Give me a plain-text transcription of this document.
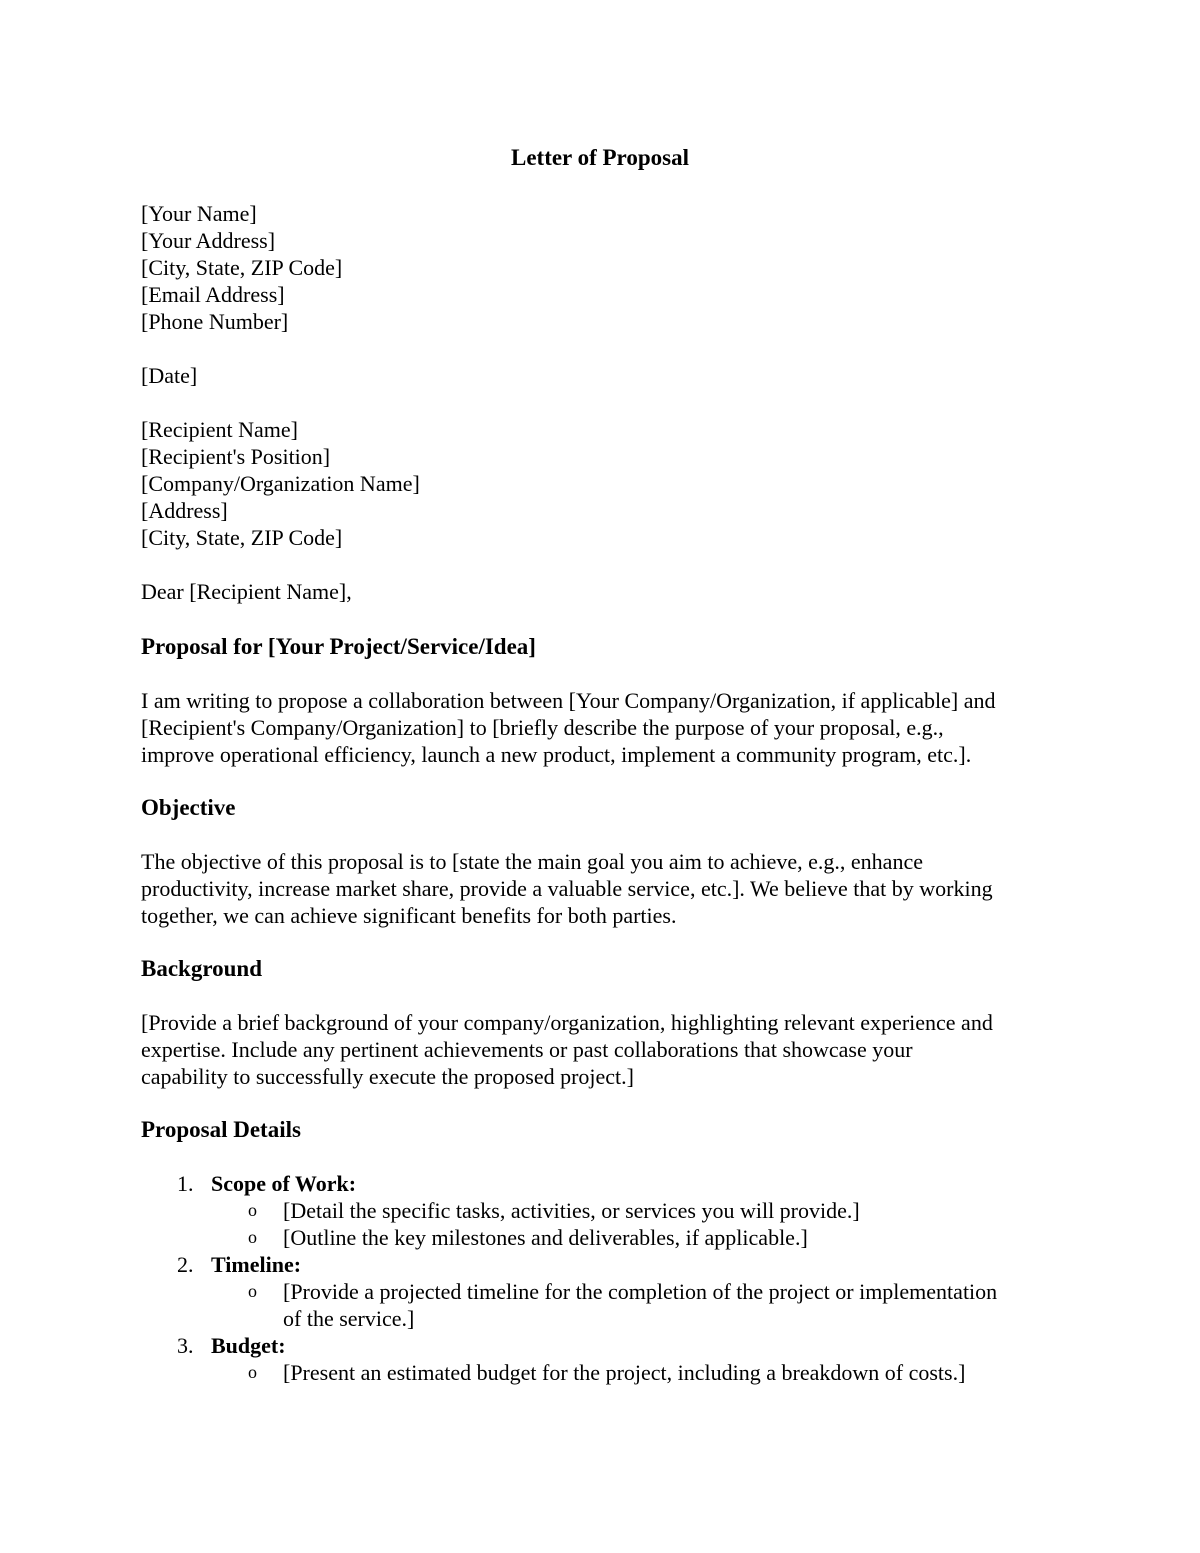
Letter of Proposal
[Your Name]
[Your Address]
[City, State, ZIP Code]
[Email Address]
[Phone Number]
[Date]
[Recipient Name]
[Recipient's Position]
[Company/Organization Name]
[Address]
[City, State, ZIP Code]
Dear [Recipient Name],
Proposal for [Your Project/Service/Idea]
I am writing to propose a collaboration between [Your Company/Organization, if applicable] and
[Recipient's Company/Organization] to [briefly describe the purpose of your proposal, e.g.,
improve operational efficiency, launch a new product, implement a community program, etc.].
Objective
The objective of this proposal is to [state the main goal you aim to achieve, e.g., enhance
productivity, increase market share, provide a valuable service, etc.]. We believe that by working
together, we can achieve significant benefits for both parties.
Background
[Provide a brief background of your company/organization, highlighting relevant experience and
expertise. Include any pertinent achievements or past collaborations that showcase your
capability to successfully execute the proposed project.]
Proposal Details
1. Scope of Work:
o [Detail the specific tasks, activities, or services you will provide.]
o [Outline the key milestones and deliverables, if applicable.]
2. Timeline:
o [Provide a projected timeline for the completion of the project or implementation
of the service.]
3. Budget:
o [Present an estimated budget for the project, including a breakdown of costs.]
